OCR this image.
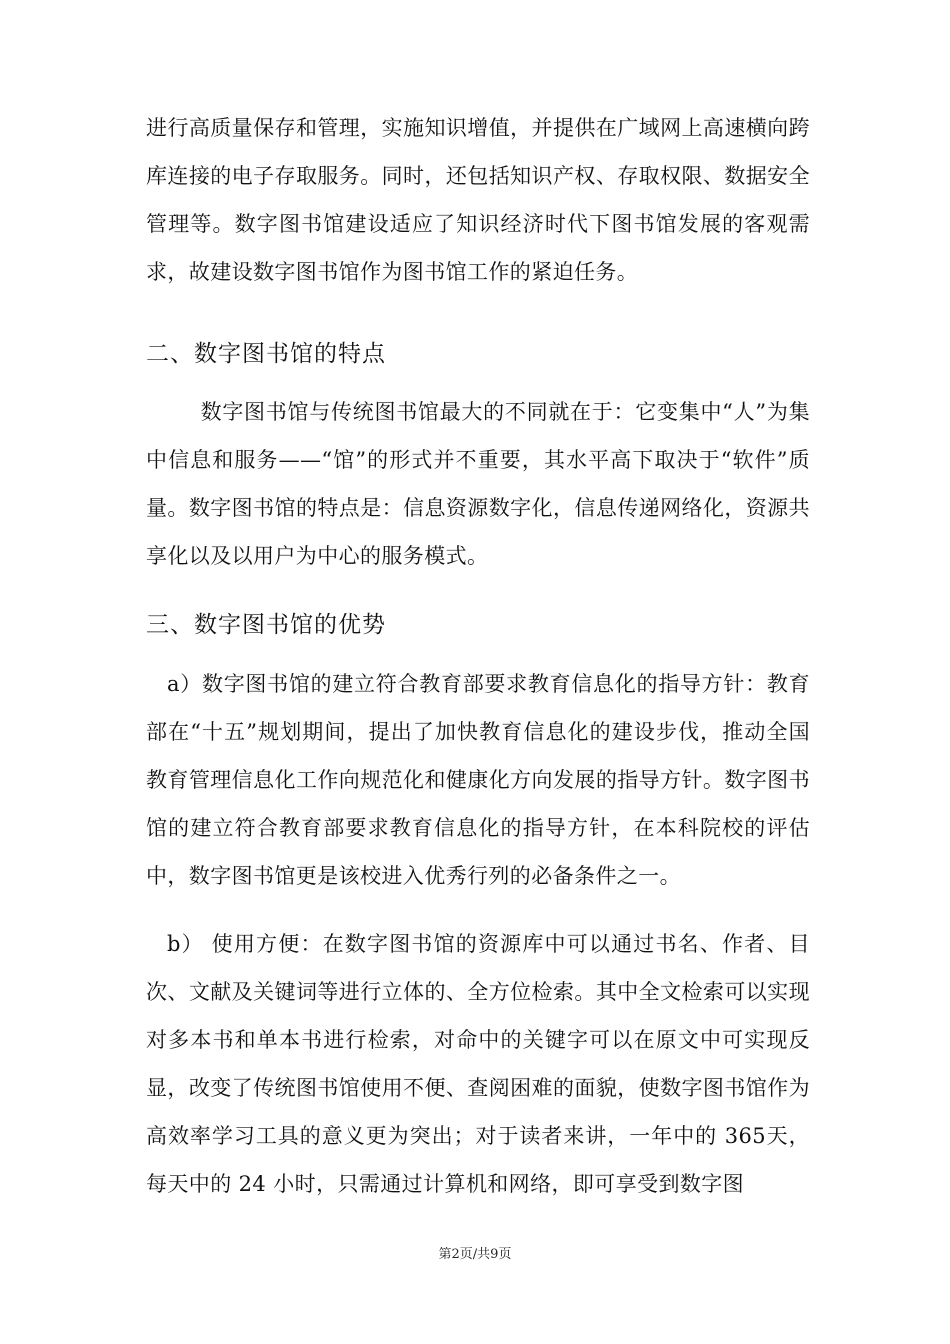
进行高质量保存和管理，实施知识增值，并提供在广域网上高速横向跨库连接的电子存取服务。同时，还包括知识产权、存取权限、数据安全管理等。数字图书馆建设适应了知识经济时代下图书馆发展的客观需求，故建设数字图书馆作为图书馆工作的紧迫任务。

二、数字图书馆的特点

数字图书馆与传统图书馆最大的不同就在于：它变集中“人”为集中信息和服务——“馆”的形式并不重要，其水平高下取决于“软件”质量。数字图书馆的特点是：信息资源数字化，信息传递网络化，资源共享化以及以用户为中心的服务模式。

三、数字图书馆的优势

a）数字图书馆的建立符合教育部要求教育信息化的指导方针：教育部在“十五”规划期间，提出了加快教育信息化的建设步伐，推动全国教育管理信息化工作向规范化和健康化方向发展的指导方针。数字图书馆的建立符合教育部要求教育信息化的指导方针，在本科院校的评估中，数字图书馆更是该校进入优秀行列的必备条件之一。

b） 使用方便：在数字图书馆的资源库中可以通过书名、作者、目次、文献及关键词等进行立体的、全方位检索。其中全文检索可以实现对多本书和单本书进行检索，对命中的关键字可以在原文中可实现反显，改变了传统图书馆使用不便、查阅困难的面貌，使数字图书馆作为高效率学习工具的意义更为突出；对于读者来讲，一年中的 365天，每天中的 24 小时，只需通过计算机和网络，即可享受到数字图

第2页/共9页
